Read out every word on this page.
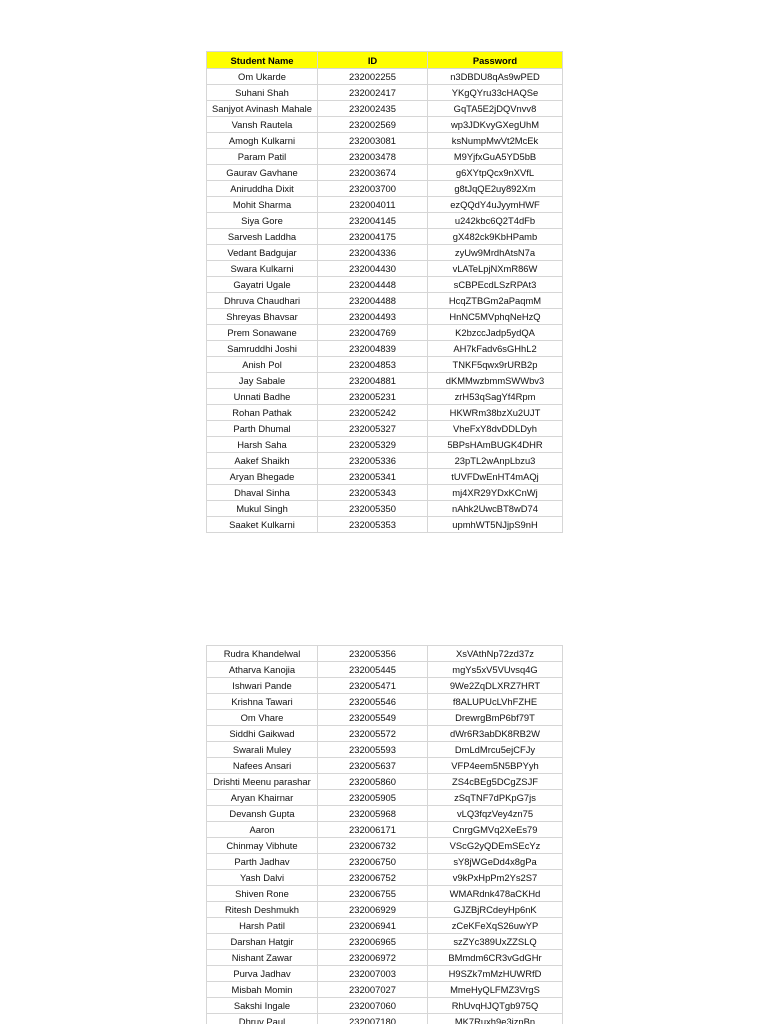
Student Name	ID	Password
Om Ukarde	232002255	n3DBDU8qAs9wPED
Suhani Shah	232002417	YKgQYru33cHAQSe
Sanjyot Avinash Mahale	232002435	GqTA5E2jDQVnvv8
Vansh Rautela	232002569	wp3JDKvyGXegUhM
Amogh Kulkarni	232003081	ksNumpMwVt2McEk
Param Patil	232003478	M9YjfxGuA5YD5bB
Gaurav Gavhane	232003674	g6XYtpQcx9nXVfL
Aniruddha Dixit	232003700	g8tJqQE2uy892Xm
Mohit Sharma	232004011	ezQQdY4uJyymHWF
Siya Gore	232004145	u242kbc6Q2T4dFb
Sarvesh Laddha	232004175	gX482ck9KbHPamb
Vedant Badgujar	232004336	zyUw9MrdhAtsN7a
Swara Kulkarni	232004430	vLATeLpjNXmR86W
Gayatri Ugale	232004448	sCBPEcdLSzRPAt3
Dhruva Chaudhari	232004488	HcqZTBGm2aPaqmM
Shreyas Bhavsar	232004493	HnNC5MVphqNeHzQ
Prem Sonawane	232004769	K2bzccJadp5ydQA
Samruddhi Joshi	232004839	AH7kFadv6sGHhL2
Anish Pol	232004853	TNKF5qwx9rURB2p
Jay Sabale	232004881	dKMMwzbmmSWWbv3
Unnati Badhe	232005231	zrH53qSagYf4Rpm
Rohan Pathak	232005242	HKWRm38bzXu2UJT
Parth Dhumal	232005327	VheFxY8dvDDLDyh
Harsh Saha	232005329	5BPsHAmBUGK4DHR
Aakef Shaikh	232005336	23pTL2wAnpLbzu3
Aryan Bhegade	232005341	tUVFDwEnHT4mAQj
Dhaval Sinha	232005343	mj4XR29YDxKCnWj
Mukul Singh	232005350	nAhk2UwcBT8wD74
Saaket Kulkarni	232005353	upmhWT5NJjpS9nH
Rudra Khandelwal	232005356	XsVAthNp72zd37z
Atharva Kanojia	232005445	mgYs5xV5VUvsq4G
Ishwari Pande	232005471	9We2ZqDLXRZ7HRT
Krishna Tawari	232005546	f8ALUPUcLVhFZHE
Om Vhare	232005549	DrewrgBmP6bf79T
Siddhi Gaikwad	232005572	dWr6R3abDK8RB2W
Swarali Muley	232005593	DmLdMrcu5ejCFJy
Nafees Ansari	232005637	VFP4eem5N5BPYyh
Drishti Meenu parashar	232005860	ZS4cBEg5DCgZSJF
Aryan Khairnar	232005905	zSqTNF7dPKpG7js
Devansh Gupta	232005968	vLQ3fqzVey4zn75
Aaron	232006171	CnrgGMVq2XeEs79
Chinmay Vibhute	232006732	VScG2yQDEmSEcYz
Parth Jadhav	232006750	sY8jWGeDd4x8gPa
Yash Dalvi	232006752	v9kPxHpPm2Ys2S7
Shiven Rone	232006755	WMARdnk478aCKHd
Ritesh Deshmukh	232006929	GJZBjRCdeyHp6nK
Harsh Patil	232006941	zCeKFeXqS26uwYP
Darshan Hatgir	232006965	szZYc389UxZZSLQ
Nishant Zawar	232006972	BMmdm6CR3vGdGHr
Purva Jadhav	232007003	H9SZk7mMzHUWRfD
Misbah Momin	232007027	MmeHyQLFMZ3VrgS
Sakshi Ingale	232007060	RhUvqHJQTgb975Q
Dhruv Paul	232007180	MK7Ruxh9e3iznBn
